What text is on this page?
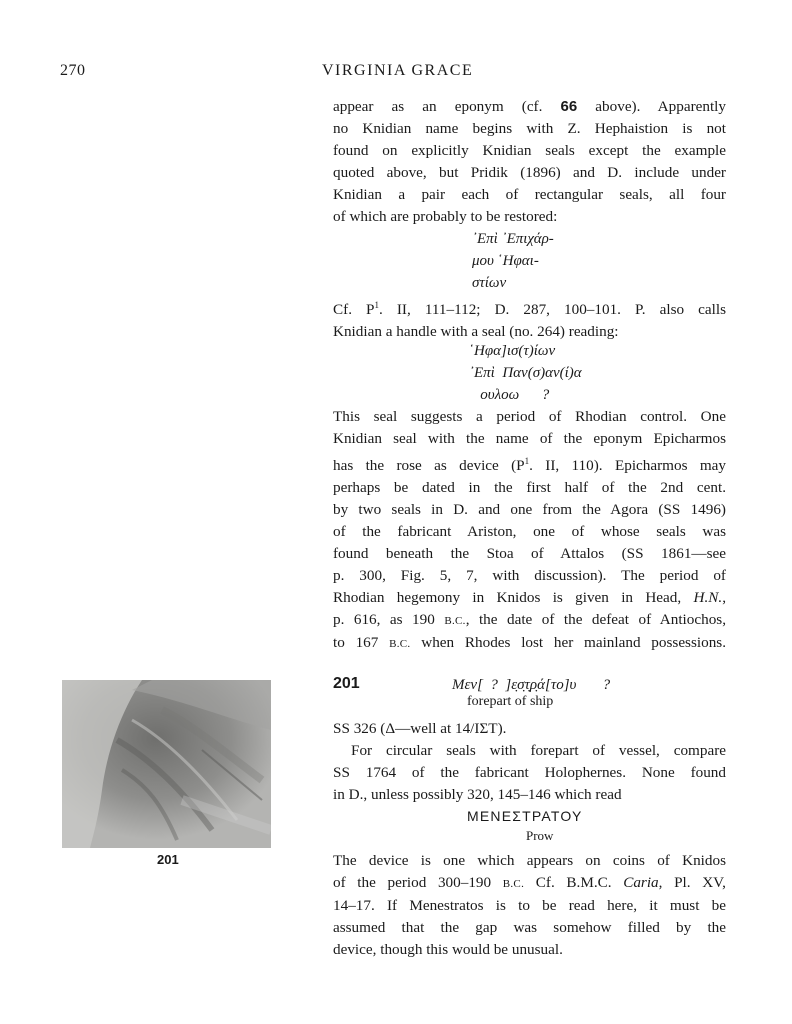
270	VIRGINIA GRACE

appear as an eponym (cf. 66 above). Apparently

no Knidian name begins with Z. Hephaistion is not

found on explicitly Knidian seals except the example

quoted above, but Pridik (1896) and D. include under

Knidian a pair each of rectangular seals, all four

of which are probably to be restored:

᾿Επὶ ᾿Επιχάρ-
μου ῾Ηφαι-
στίων

Cf. $P^1$. II, 111–112; D. 287, 100–101. P. also calls

Knidian a handle with a seal (no. 264) reading:

῾Ηφα]ισ(τ)ίων
᾿Επὶ  Παν(σ)αν(ί)α
ουλοω      ?

This seal suggests a period of Rhodian control. One

Knidian seal with the name of the eponym Epicharmos

has the rose as device ($P^1$. II, 110). Epicharmos may

perhaps be dated in the first half of the 2nd cent.

by two seals in D. and one from the Agora (SS 1496)

of the fabricant Ariston, one of whose seals was

found beneath the Stoa of Attalos (SS 1861—see

p. 300, Fig. 5, 7, with discussion). The period of

Rhodian hegemony in Knidos is given in Head, H.N.,

p. 616, as 190 B.C., the date of the defeat of Antiochos,

to 167 B.C. when Rhodes lost her mainland possessions.

201	Μεν[  ?  ]ε̣σ̣τ̣ρ̣ά[το]υ       ?
forepart of ship

SS 326 (Δ—well at 14/ΙΣΤ).

For circular seals with forepart of vessel, compare

SS 1764 of the fabricant Holophernes. None found

in D., unless possibly 320, 145–146 which read

ΜΕΝΕΣΤΡΑΤΟΥ
Prow

The device is one which appears on coins of Knidos

of the period 300–190 B.C. Cf. B.M.C. Caria, Pl. XV,

14–17. If Menestratos is to be read here, it must be

assumed that the gap was somehow filled by the

device, though this would be unusual.

201
